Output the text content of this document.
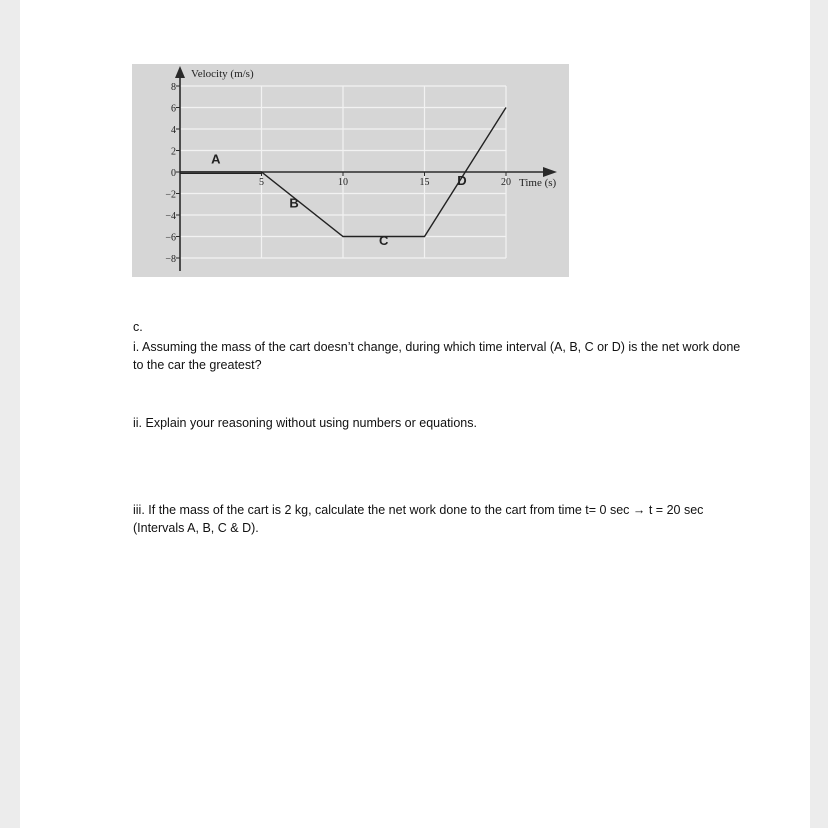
8
6
4
2
0
−2
−4
−6
−8
5	10	15	20
A
B
C
D
Velocity (m/s)
Time (s)
c.
i. Assuming the mass of the cart doesn’t change, during which time interval (A, B, C or D) is the net work done to the car the greatest?
ii. Explain your reasoning without using numbers or equations.
iii. If the mass of the cart is 2 kg, calculate the net work done to the cart from time t= 0 sec → t = 20 sec (Intervals A, B, C & D).
